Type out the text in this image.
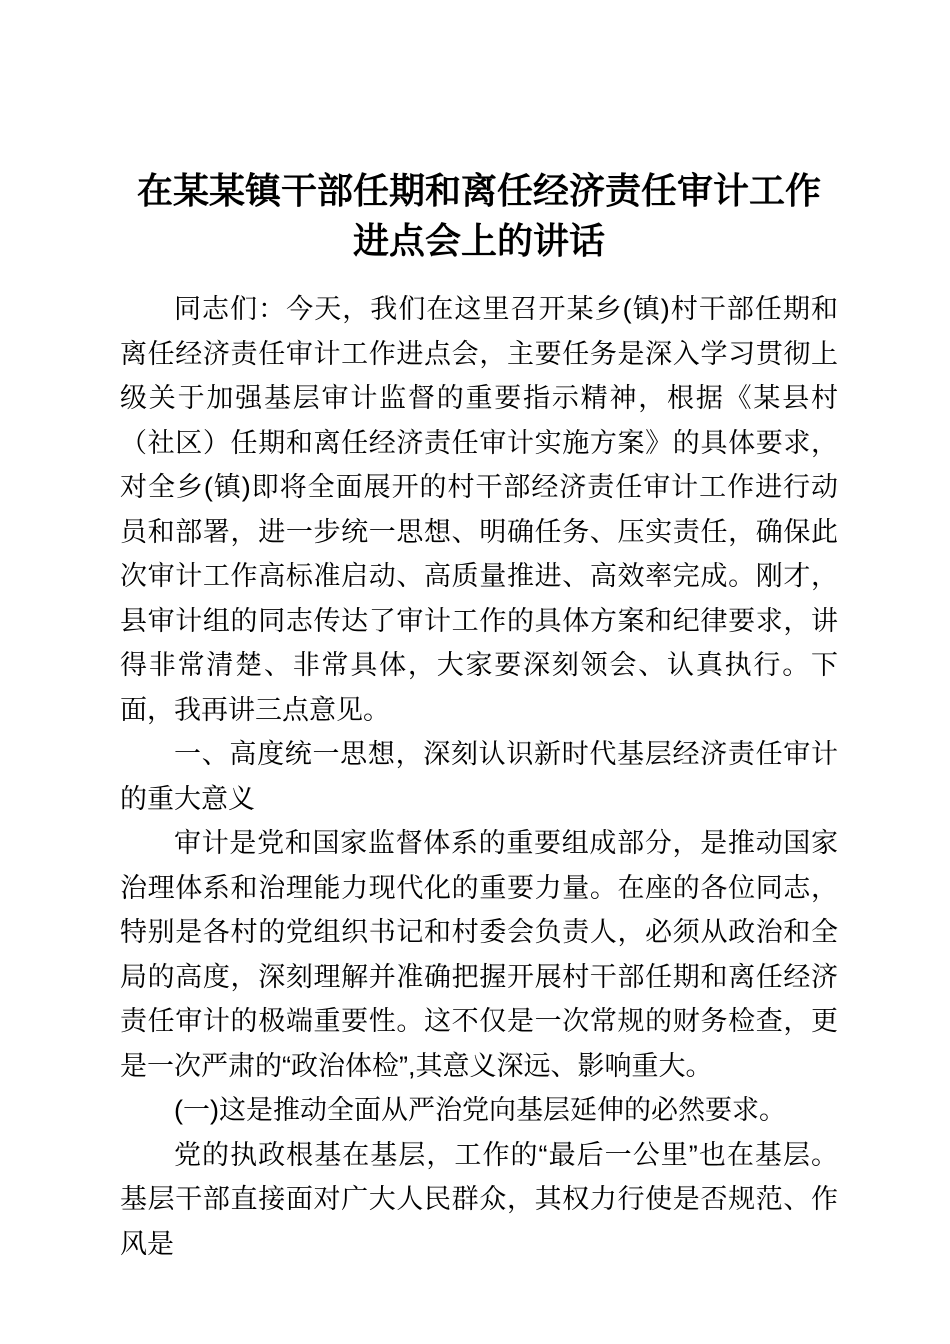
在某某镇干部任期和离任经济责任审计工作进点会上的讲话

同志们：今天，我们在这里召开某乡(镇)村干部任期和离任经济责任审计工作进点会，主要任务是深入学习贯彻上级关于加强基层审计监督的重要指示精神，根据《某县村　　（社区）任期和离任经济责任审计实施方案》的具体要求，对全乡(镇)即将全面展开的村干部经济责任审计工作进行动员和部署，进一步统一思想、明确任务、压实责任，确保此次审计工作高标准启动、高质量推进、高效率完成。刚才，县审计组的同志传达了审计工作的具体方案和纪律要求，讲得非常清楚、非常具体，大家要深刻领会、认真执行。下面，我再讲三点意见。

一、高度统一思想，深刻认识新时代基层经济责任审计的重大意义

审计是党和国家监督体系的重要组成部分，是推动国家治理体系和治理能力现代化的重要力量。在座的各位同志，特别是各村的党组织书记和村委会负责人，必须从政治和全局的高度，深刻理解并准确把握开展村干部任期和离任经济责任审计的极端重要性。这不仅是一次常规的财务检查，更是一次严肃的“政治体检”,其意义深远、影响重大。

(一)这是推动全面从严治党向基层延伸的必然要求。

党的执政根基在基层，工作的“最后一公里”也在基层。基层干部直接面对广大人民群众，其权力行使是否规范、作风是
